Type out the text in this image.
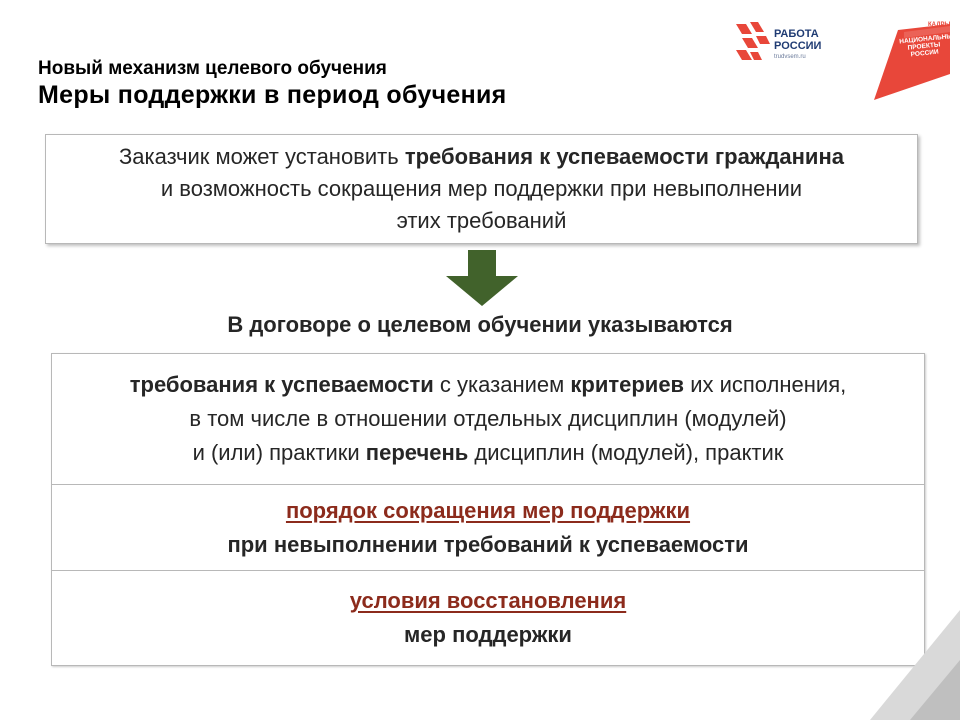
Новый механизм целевого обучения
Меры поддержки в период обучения
РАБОТА
РОССИИ
trudvsem.ru
КАДРЫ
НАЦИОНАЛЬНЫЕ ПРОЕКТЫ РОССИИ
Заказчик может установить требования к успеваемости гражданина
и возможность сокращения мер поддержки при невыполнении
этих требований
В договоре о целевом обучении указываются
требования к успеваемости с указанием критериев их исполнения,
в том числе в отношении отдельных дисциплин (модулей)
и (или) практики перечень дисциплин (модулей), практик
порядок сокращения мер поддержки
при невыполнении требований к успеваемости
условия восстановления
мер поддержки
